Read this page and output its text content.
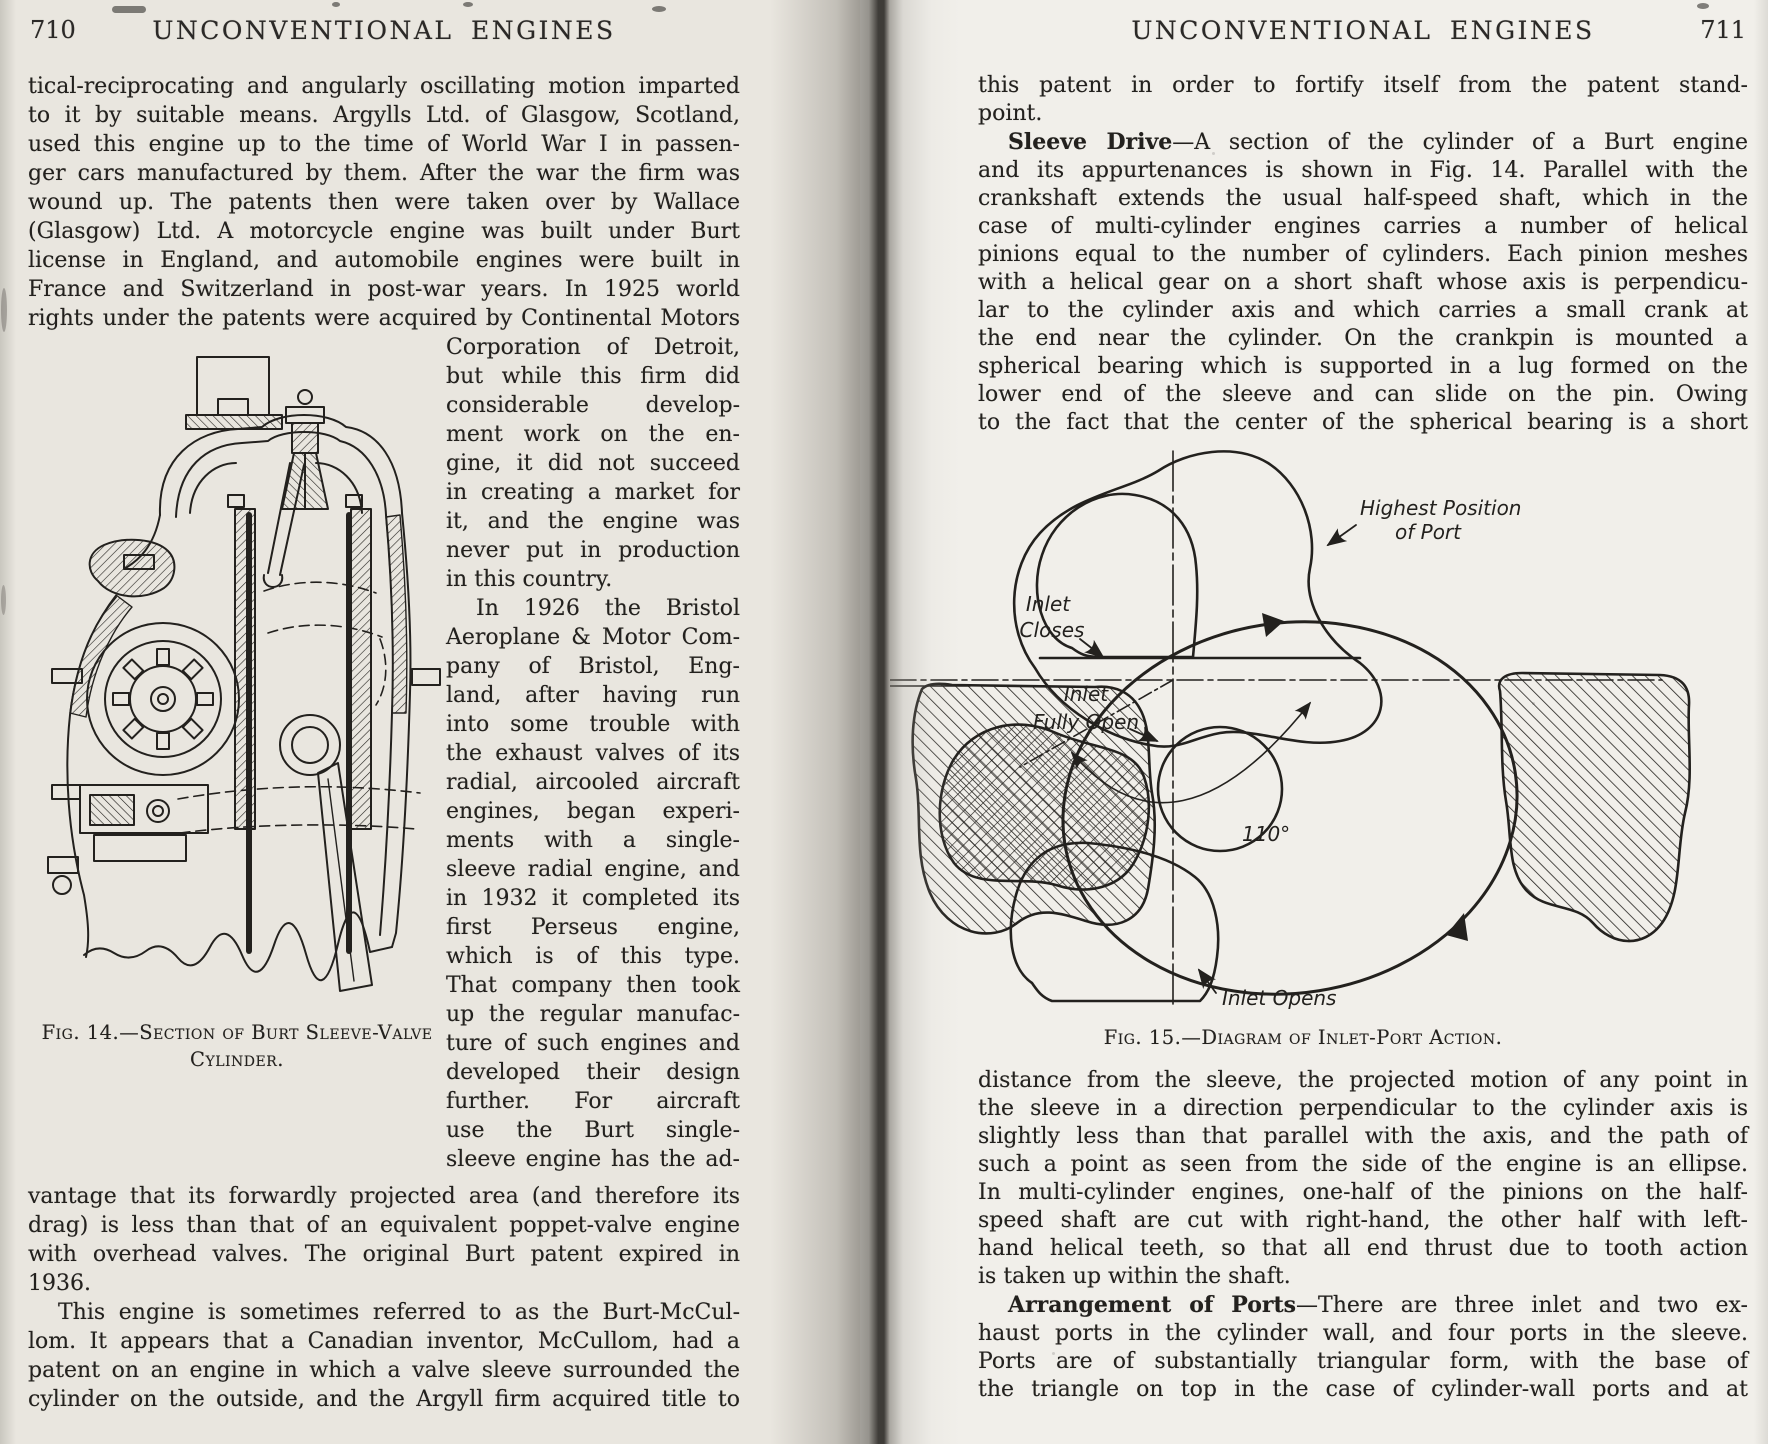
710	UNCONVENTIONAL ENGINES
tical-reciprocating and angularly oscillating motion imparted
to it by suitable means. Argylls Ltd. of Glasgow, Scotland,
used this engine up to the time of World War I in passen-
ger cars manufactured by them. After the war the firm was
wound up. The patents then were taken over by Wallace
(Glasgow) Ltd. A motorcycle engine was built under Burt
license in England, and automobile engines were built in
France and Switzerland in post-war years. In 1925 world
rights under the patents were acquired by Continental Motors
Fig. 14.—Section of Burt Sleeve-Valve
Cylinder.
Corporation of Detroit,
but while this firm did
considerable develop-
ment work on the en-
gine, it did not succeed
in creating a market for
it, and the engine was
never put in production
in this country.
In 1926 the Bristol
Aeroplane & Motor Com-
pany of Bristol, Eng-
land, after having run
into some trouble with
the exhaust valves of its
radial, aircooled aircraft
engines, began experi-
ments with a single-
sleeve radial engine, and
in 1932 it completed its
first Perseus engine,
which is of this type.
That company then took
up the regular manufac-
ture of such engines and
developed their design
further. For aircraft
use the Burt single-
sleeve engine has the ad-
vantage that its forwardly projected area (and therefore its
drag) is less than that of an equivalent poppet-valve engine
with overhead valves. The original Burt patent expired in
1936.
This engine is sometimes referred to as the Burt-McCul-
lom. It appears that a Canadian inventor, McCullom, had a
patent on an engine in which a valve sleeve surrounded the
cylinder on the outside, and the Argyll firm acquired title to
711
UNCONVENTIONAL ENGINES
this patent in order to fortify itself from the patent stand-
point.
Sleeve Drive—A section of the cylinder of a Burt engine
and its appurtenances is shown in Fig. 14. Parallel with the
crankshaft extends the usual half-speed shaft, which in the
case of multi-cylinder engines carries a number of helical
pinions equal to the number of cylinders. Each pinion meshes
with a helical gear on a short shaft whose axis is perpendicu-
lar to the cylinder axis and which carries a small crank at
the end near the cylinder. On the crankpin is mounted a
spherical bearing which is supported in a lug formed on the
lower end of the sleeve and can slide on the pin. Owing
to the fact that the center of the spherical bearing is a short
Highest Position
of Port
Inlet
Closes
Inlet
Fully Open
110°
Inlet Opens
Fig. 15.—Diagram of Inlet-Port Action.
distance from the sleeve, the projected motion of any point in
the sleeve in a direction perpendicular to the cylinder axis is
slightly less than that parallel with the axis, and the path of
such a point as seen from the side of the engine is an ellipse.
In multi-cylinder engines, one-half of the pinions on the half-
speed shaft are cut with right-hand, the other half with left-
hand helical teeth, so that all end thrust due to tooth action
is taken up within the shaft.
Arrangement of Ports—There are three inlet and two ex-
haust ports in the cylinder wall, and four ports in the sleeve.
Ports are of substantially triangular form, with the base of
the triangle on top in the case of cylinder-wall ports and at
